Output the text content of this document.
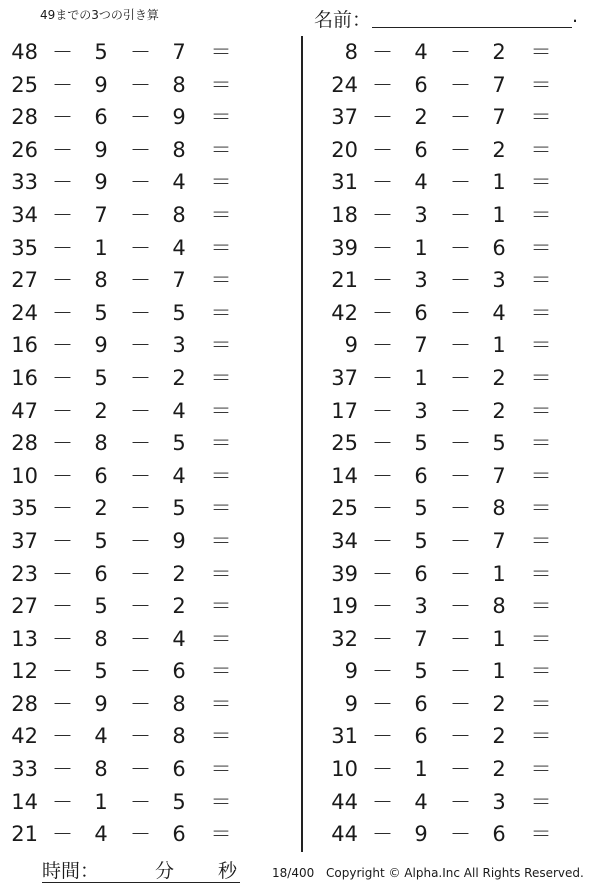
49までの3つの引き算	名前：	.
48 － 5 － 7 ＝
25 － 9 － 8 ＝
28 － 6 － 9 ＝
26 － 9 － 8 ＝
33 － 9 － 4 ＝
34 － 7 － 8 ＝
35 － 1 － 4 ＝
27 － 8 － 7 ＝
24 － 5 － 5 ＝
16 － 9 － 3 ＝
16 － 5 － 2 ＝
47 － 2 － 4 ＝
28 － 8 － 5 ＝
10 － 6 － 4 ＝
35 － 2 － 5 ＝
37 － 5 － 9 ＝
23 － 6 － 2 ＝
27 － 5 － 2 ＝
13 － 8 － 4 ＝
12 － 5 － 6 ＝
28 － 9 － 8 ＝
42 － 4 － 8 ＝
33 － 8 － 6 ＝
14 － 1 － 5 ＝
21 － 4 － 6 ＝
8 － 4 － 2 ＝
24 － 6 － 7 ＝
37 － 2 － 7 ＝
20 － 6 － 2 ＝
31 － 4 － 1 ＝
18 － 3 － 1 ＝
39 － 1 － 6 ＝
21 － 3 － 3 ＝
42 － 6 － 4 ＝
9 － 7 － 1 ＝
37 － 1 － 2 ＝
17 － 3 － 2 ＝
25 － 5 － 5 ＝
14 － 6 － 7 ＝
25 － 5 － 8 ＝
34 － 5 － 7 ＝
39 － 6 － 1 ＝
19 － 3 － 8 ＝
32 － 7 － 1 ＝
9 － 5 － 1 ＝
9 － 6 － 2 ＝
31 － 6 － 2 ＝
10 － 1 － 2 ＝
44 － 4 － 3 ＝
44 － 9 － 6 ＝
時間：	分 秒	18/400 Copyright © Alpha.Inc All Rights Reserved.
